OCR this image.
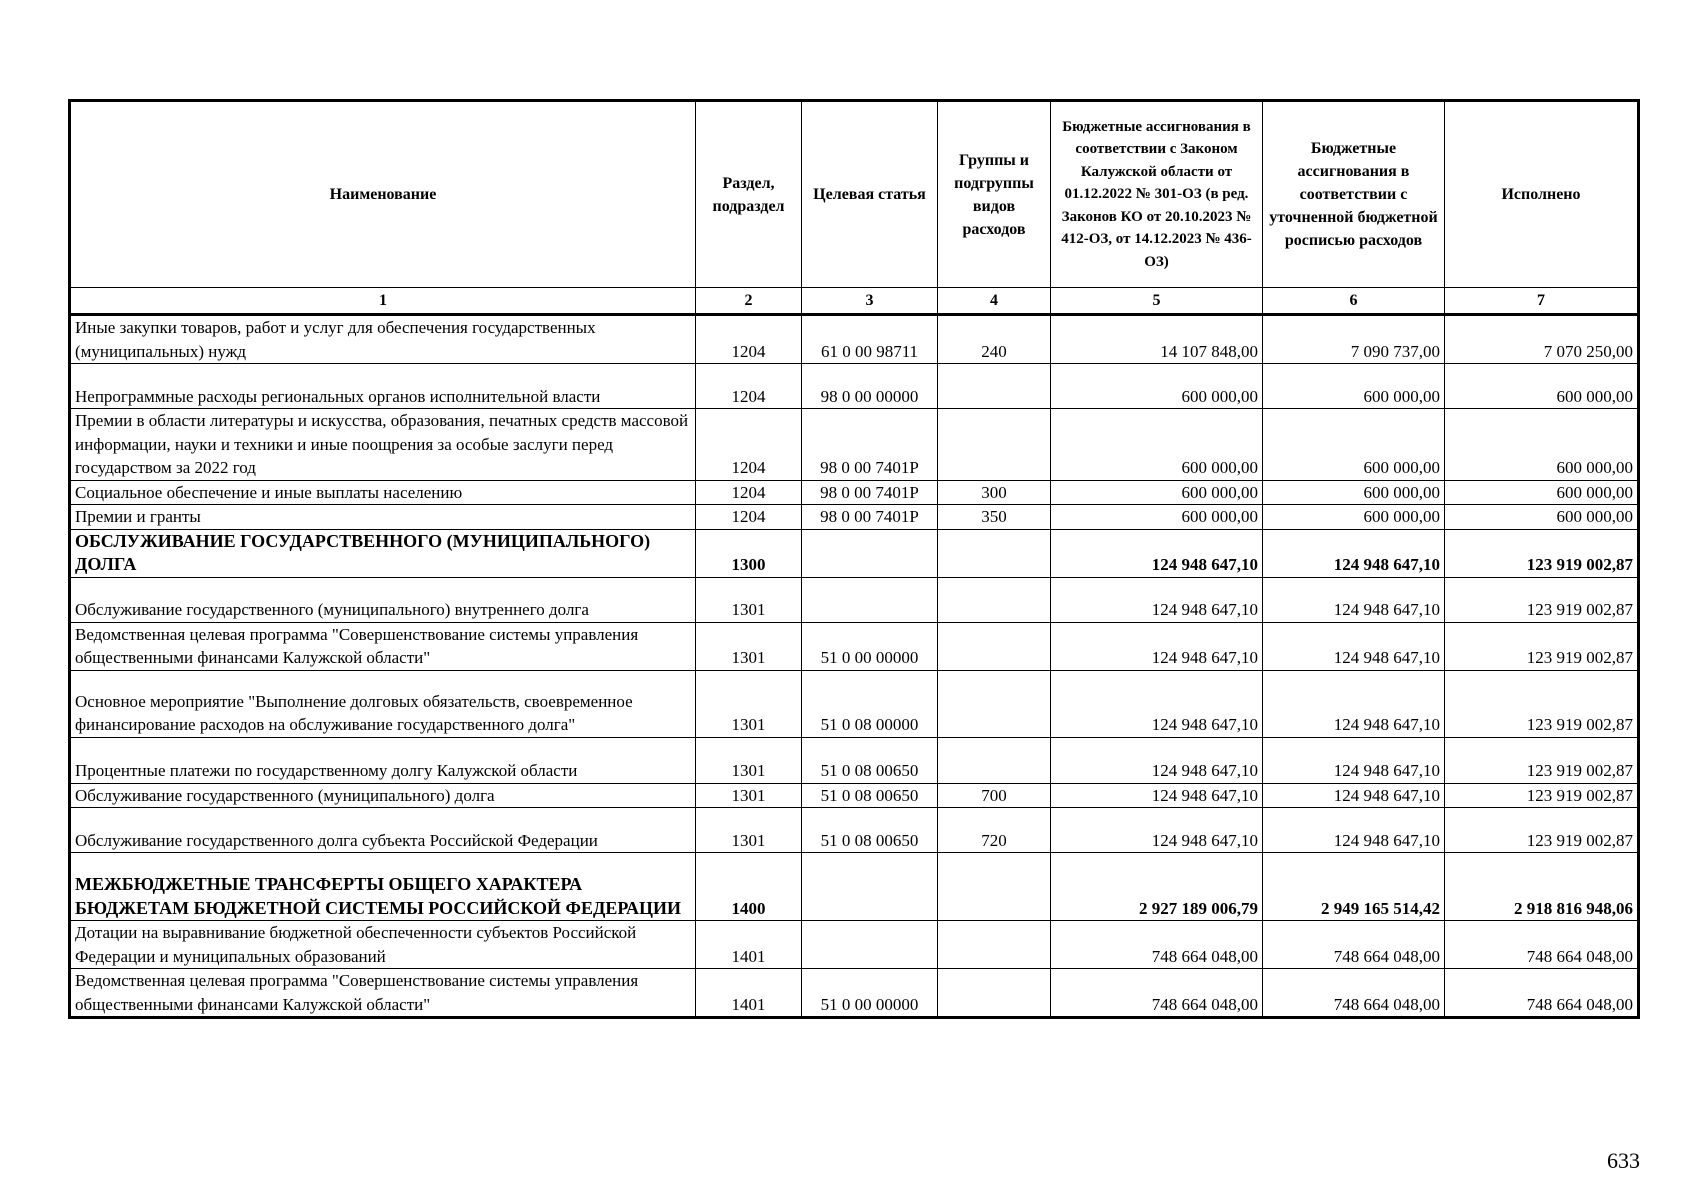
Наименование	Раздел, подраздел	Целевая статья	Группы и подгруппы видов расходов	Бюджетные ассигнования в соответствии с Законом Калужской области от 01.12.2022 № 301-ОЗ (в ред. Законов КО от 20.10.2023 № 412-ОЗ, от 14.12.2023 № 436-ОЗ)	Бюджетные ассигнования в соответствии с уточненной бюджетной росписью расходов	Исполнено
1	2	3	4	5	6	7
Иные закупки товаров, работ и услуг для обеспечения государственных (муниципальных) нужд	1204	61 0 00 98711	240	14 107 848,00	7 090 737,00	7 070 250,00
Непрограммные расходы региональных органов исполнительной власти	1204	98 0 00 00000		600 000,00	600 000,00	600 000,00
Премии в области литературы и искусства, образования, печатных средств массовой информации, науки и техники и иные поощрения за особые заслуги перед государством за 2022 год	1204	98 0 00 7401Р		600 000,00	600 000,00	600 000,00
Социальное обеспечение и иные выплаты населению	1204	98 0 00 7401Р	300	600 000,00	600 000,00	600 000,00
Премии и гранты	1204	98 0 00 7401Р	350	600 000,00	600 000,00	600 000,00
ОБСЛУЖИВАНИЕ ГОСУДАРСТВЕННОГО (МУНИЦИПАЛЬНОГО) ДОЛГА	1300			124 948 647,10	124 948 647,10	123 919 002,87
Обслуживание государственного (муниципального) внутреннего долга	1301			124 948 647,10	124 948 647,10	123 919 002,87
Ведомственная целевая программа "Совершенствование системы управления общественными финансами Калужской области"	1301	51 0 00 00000		124 948 647,10	124 948 647,10	123 919 002,87
Основное мероприятие "Выполнение долговых обязательств, своевременное финансирование расходов на обслуживание государственного долга"	1301	51 0 08 00000		124 948 647,10	124 948 647,10	123 919 002,87
Процентные платежи по государственному долгу Калужской области	1301	51 0 08 00650		124 948 647,10	124 948 647,10	123 919 002,87
Обслуживание государственного (муниципального) долга	1301	51 0 08 00650	700	124 948 647,10	124 948 647,10	123 919 002,87
Обслуживание государственного долга субъекта Российской Федерации	1301	51 0 08 00650	720	124 948 647,10	124 948 647,10	123 919 002,87
МЕЖБЮДЖЕТНЫЕ ТРАНСФЕРТЫ ОБЩЕГО ХАРАКТЕРА БЮДЖЕТАМ БЮДЖЕТНОЙ СИСТЕМЫ РОССИЙСКОЙ ФЕДЕРАЦИИ	1400			2 927 189 006,79	2 949 165 514,42	2 918 816 948,06
Дотации на выравнивание бюджетной обеспеченности субъектов Российской Федерации и муниципальных образований	1401			748 664 048,00	748 664 048,00	748 664 048,00
Ведомственная целевая программа "Совершенствование системы управления общественными финансами Калужской области"	1401	51 0 00 00000		748 664 048,00	748 664 048,00	748 664 048,00
633
